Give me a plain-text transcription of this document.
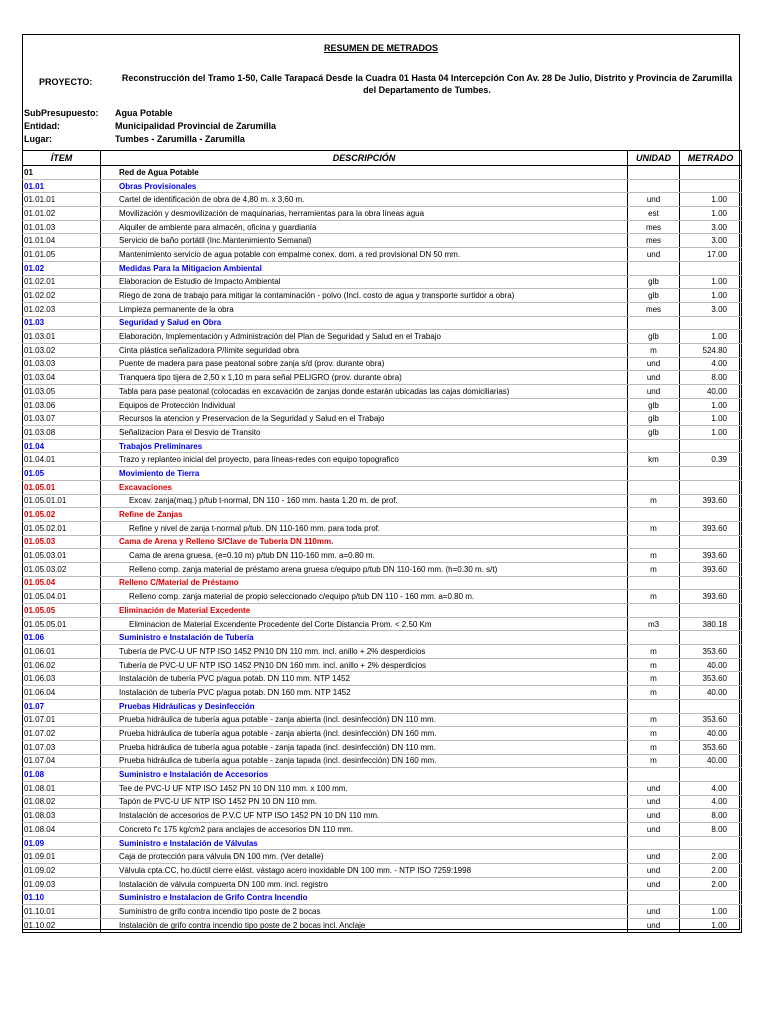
RESUMEN DE METRADOS
PROYECTO:	Reconstrucción del Tramo 1-50, Calle Tarapacá Desde la Cuadra 01 Hasta 04 Intercepción Con Av. 28 De Julio, Distrito y Provincia de Zarumilla del Departamento de Tumbes.
SubPresupuesto: Agua Potable
Entidad:	Municipalidad Provincial de Zarumilla
Lugar:	Tumbes - Zarumilla - Zarumilla
ÍTEM	DESCRIPCIÓN	UNIDAD	METRADO
01	Red de Agua Potable		
01.01	Obras Provisionales		
01.01.01	Cartel de identificación de obra de 4,80 m. x 3,60 m.	und	1.00
01.01.02	Movilización y desmovilización de maquinarias, herramientas para la obra líneas agua	est	1.00
01.01.03	Alquiler de ambiente para almacén, oficina y guardianía	mes	3.00
01.01.04	Servicio de baño portátil (Inc.Mantenimiento Semanal)	mes	3.00
01.01.05	Mantenimiento servicio de agua potable con empalme conex. dom. a red provisional DN 50 mm.	und	17.00
01.02	Medidas Para la Mitigacion Ambiental		
01.02.01	Elaboracion de Estudio de Impacto Ambiental	glb	1.00
01.02.02	Riego de zona de trabajo para mitigar la contaminación - polvo (Incl. costo de agua y transporte surtidor a obra)	glb	1.00
01.02.03	Limpieza permanente de la obra	mes	3.00
01.03	Seguridad y Salud en Obra		
01.03.01	Elaboración, Implementación y Administración del Plan de Seguridad y Salud en el Trabajo	glb	1.00
01.03.02	Cinta plástica señalizadora P/límite seguridad obra	m	524.80
01.03.03	Puente de madera para pase peatonal sobre zanja s/d (prov. durante obra)	und	4.00
01.03.04	Tranquera tipo tijera de 2,50 x 1,10 m para señal PELIGRO (prov. durante obra)	und	8.00
01.03.05	Tabla para pase peatonal (colocadas en excavación de zanjas donde estarán ubicadas las cajas domiciliarias)	und	40.00
01.03.06	Equipos de Protección Individual	glb	1.00
01.03.07	Recursos la atencion y Preservacion de la Seguridad y Salud en el Trabajo	glb	1.00
01.03.08	Señalizacion Para el Desvio de Transito	glb	1.00
01.04	Trabajos Preliminares		
01.04.01	Trazo y replanteo inicial del proyecto, para líneas-redes con equipo topografico	km	0.39
01.05	Movimiento de Tierra		
01.05.01	Excavaciones		
01.05.01.01	Excav. zanja(maq.) p/tub t-normal, DN 110 - 160 mm. hasta 1.20 m. de prof.	m	393.60
01.05.02	Refine de Zanjas		
01.05.02.01	Refine y nivel de zanja t-normal p/tub. DN 110-160 mm. para toda prof.	m	393.60
01.05.03	Cama de Arena y Relleno S/Clave de Tuberia DN 110mm.		
01.05.03.01	Cama de arena gruesa, (e=0.10 m) p/tub DN 110-160 mm. a=0.80 m.	m	393.60
01.05.03.02	Relleno comp. zanja material de préstamo arena gruesa c/equipo p/tub DN 110-160 mm. (h=0.30 m. s/t)	m	393.60
01.05.04	Relleno C/Material de Préstamo		
01.05.04.01	Relleno comp. zanja material de propio seleccionado c/equipo p/tub DN 110 - 160 mm. a=0.80 m.	m	393.60
01.05.05	Eliminación de Material Excedente		
01.05.05.01	Eliminacion de Material Excendente Procedente del Corte Distancia Prom. < 2.50 Km	m3	380.18
01.06	Suministro e Instalación de Tubería		
01.06.01	Tubería de PVC-U UF NTP ISO 1452 PN10 DN 110 mm. incl. anillo + 2% desperdicios	m	353.60
01.06.02	Tubería de PVC-U UF NTP ISO 1452 PN10 DN 160 mm. incl. anillo + 2% desperdicios	m	40.00
01.06.03	Instalación de tubería PVC p/agua potab. DN 110 mm. NTP 1452	m	353.60
01.06.04	Instalación de tubería PVC p/agua potab. DN 160 mm. NTP 1452	m	40.00
01.07	Pruebas Hidráulicas y Desinfección		
01.07.01	Prueba hidráulica de tubería agua potable - zanja abierta (incl. desinfección) DN 110 mm.	m	353.60
01.07.02	Prueba hidráulica de tubería agua potable - zanja abierta (incl. desinfección) DN 160 mm.	m	40.00
01.07.03	Prueba hidráulica de tubería agua potable - zanja tapada (incl. desinfección) DN 110 mm.	m	353.60
01.07.04	Prueba hidráulica de tubería agua potable - zanja tapada (incl. desinfección) DN 160 mm.	m	40.00
01.08	Suministro e Instalación de Accesorios		
01.08.01	Tee de PVC-U UF NTP ISO 1452 PN 10 DN 110 mm. x 100 mm.	und	4.00
01.08.02	Tapón de PVC-U UF NTP ISO 1452 PN 10 DN 110 mm.	und	4.00
01.08.03	Instalación de accesorios de P.V.C UF NTP ISO 1452 PN 10 DN 110 mm.	und	8.00
01.08.04	Concreto f'c 175 kg/cm2 para anclajes de accesorios DN 110 mm.	und	8.00
01.09	Suministro e Instalación de Válvulas		
01.09.01	Caja de protección para válvula DN 100 mm. (Ver detalle)	und	2.00
01.09.02	Válvula cpta.CC, ho.dúctil cierre elást. vástago acero inoxidable DN 100 mm. - NTP ISO 7259:1998	und	2.00
01.09.03	Instalación de válvula compuerta DN 100 mm. incl. registro	und	2.00
01.10	Suministro e Instalacion de Grifo Contra Incendio		
01.10.01	Suministro de grifo contra incendio tipo poste de 2 bocas	und	1.00
01.10.02	Instalación de grifo contra incendio tipo poste de 2 bocas incl. Anclaje	und	1.00
